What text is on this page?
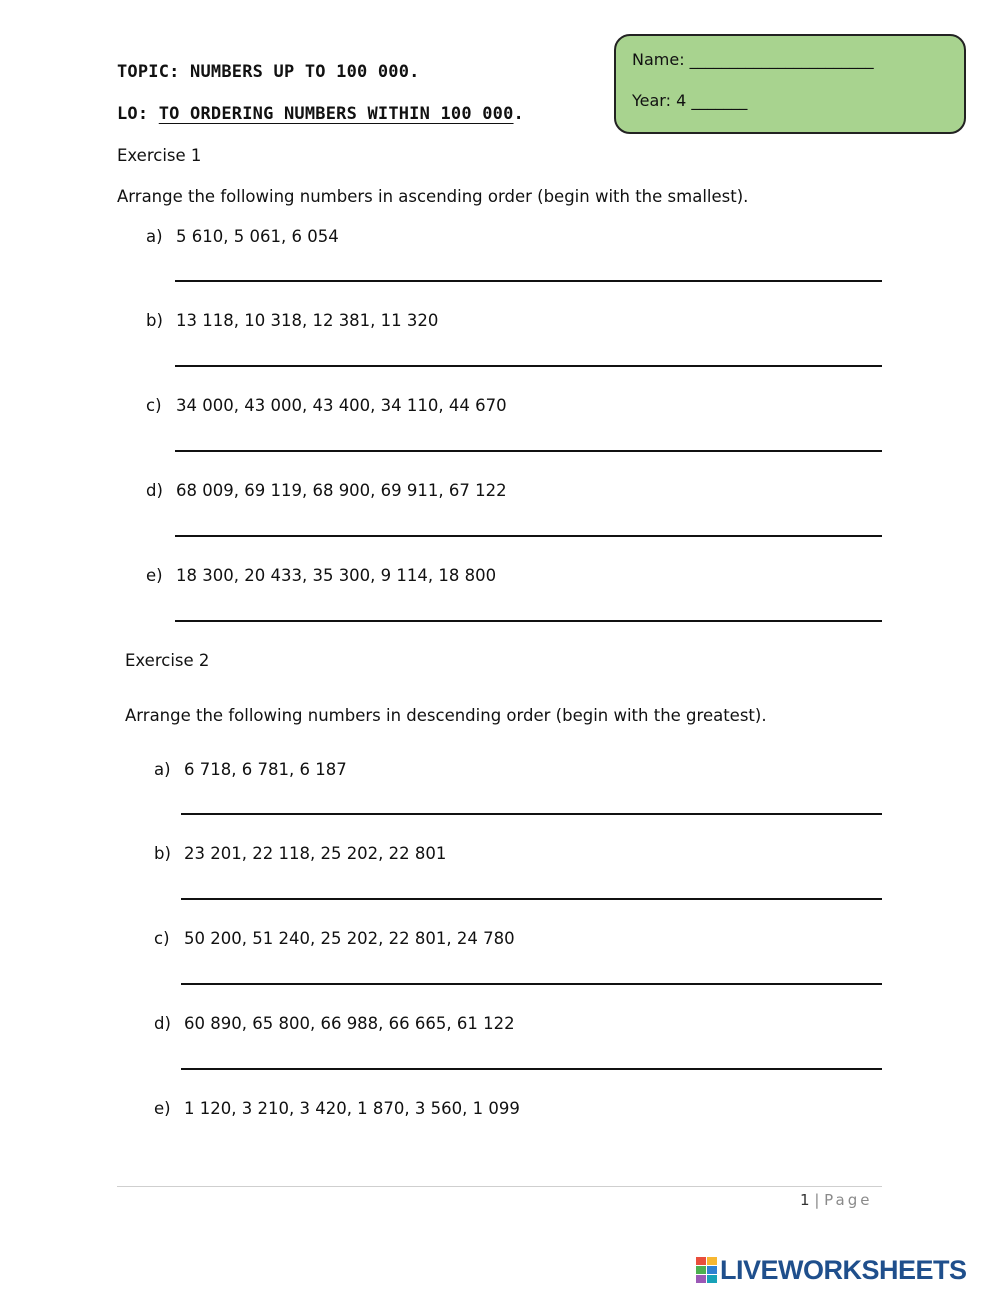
TOPIC: NUMBERS UP TO 100 000.
LO: TO ORDERING NUMBERS WITHIN 100 000.
Name: _______________________
Year: 4 _______
Exercise 1
Arrange the following numbers in ascending order (begin with the smallest).
a) 5 610, 5 061, 6 054
b) 13 118, 10 318, 12 381, 11 320
c) 34 000, 43 000, 43 400, 34 110, 44 670
d) 68 009, 69 119, 68 900, 69 911, 67 122
e) 18 300, 20 433, 35 300, 9 114, 18 800
Exercise 2
Arrange the following numbers in descending order (begin with the greatest).
a) 6 718, 6 781, 6 187
b) 23 201, 22 118, 25 202, 22 801
c) 50 200, 51 240, 25 202, 22 801, 24 780
d) 60 890, 65 800, 66 988, 66 665, 61 122
e) 1 120, 3 210, 3 420, 1 870, 3 560, 1 099
1 | Page
LIVEWORKSHEETS
